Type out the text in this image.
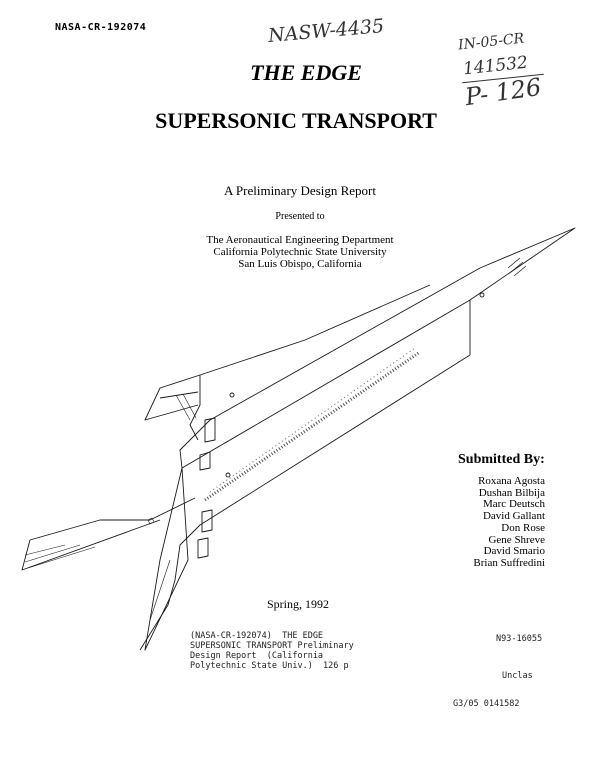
NASA-CR-192074	NASW-4435	IN-05-CR
141532
P- 126
THE EDGE
SUPERSONIC TRANSPORT
A Preliminary Design Report
Presented to
The Aeronautical Engineering Department
California Polytechnic State University
San Luis Obispo, California
Submitted By:
Roxana Agosta
Dushan Bilbija
Marc Deutsch
David Gallant
Don Rose
Gene Shreve
David Smario
Brian Suffredini
Spring, 1992
(NASA-CR-192074)  THE EDGE
SUPERSONIC TRANSPORT Preliminary
Design Report  (California
Polytechnic State Univ.)  126 p
N93-16055
Unclas
G3/05 0141582
